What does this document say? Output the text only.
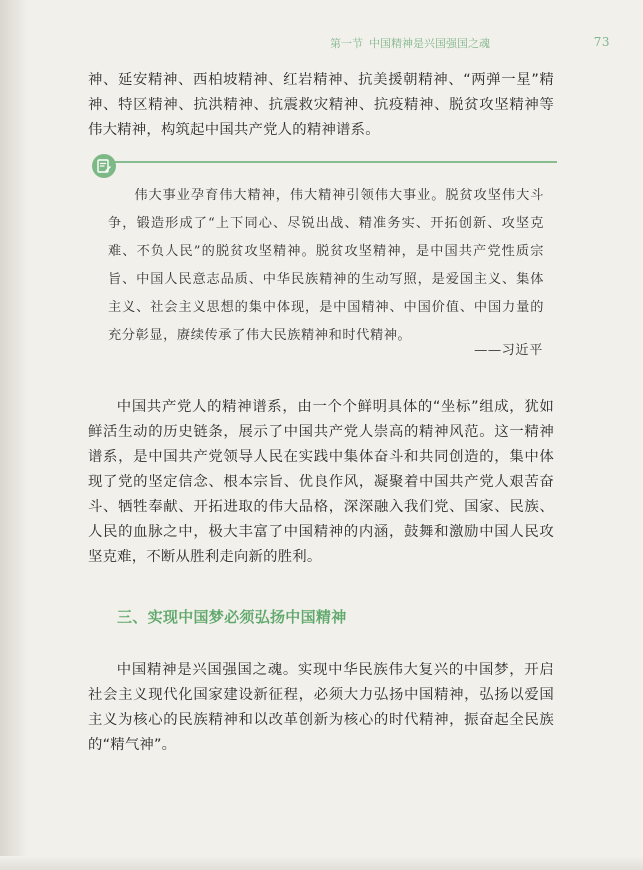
第一节 中国精神是兴国强国之魂	73
神、延安精神、西柏坡精神、红岩精神、抗美援朝精神、“两弹一星”精神、特区精神、抗洪精神、抗震救灾精神、抗疫精神、脱贫攻坚精神等伟大精神，构筑起中国共产党人的精神谱系。
伟大事业孕育伟大精神，伟大精神引领伟大事业。脱贫攻坚伟大斗争，锻造形成了“上下同心、尽锐出战、精准务实、开拓创新、攻坚克难、不负人民”的脱贫攻坚精神。脱贫攻坚精神，是中国共产党性质宗旨、中国人民意志品质、中华民族精神的生动写照，是爱国主义、集体主义、社会主义思想的集中体现，是中国精神、中国价值、中国力量的充分彰显，赓续传承了伟大民族精神和时代精神。
——习近平
中国共产党人的精神谱系，由一个个鲜明具体的“坐标”组成，犹如鲜活生动的历史链条，展示了中国共产党人崇高的精神风范。这一精神谱系，是中国共产党领导人民在实践中集体奋斗和共同创造的，集中体现了党的坚定信念、根本宗旨、优良作风，凝聚着中国共产党人艰苦奋斗、牺牲奉献、开拓进取的伟大品格，深深融入我们党、国家、民族、人民的血脉之中，极大丰富了中国精神的内涵，鼓舞和激励中国人民攻坚克难，不断从胜利走向新的胜利。
三、实现中国梦必须弘扬中国精神
中国精神是兴国强国之魂。实现中华民族伟大复兴的中国梦，开启社会主义现代化国家建设新征程，必须大力弘扬中国精神，弘扬以爱国主义为核心的民族精神和以改革创新为核心的时代精神，振奋起全民族的“精气神”。
